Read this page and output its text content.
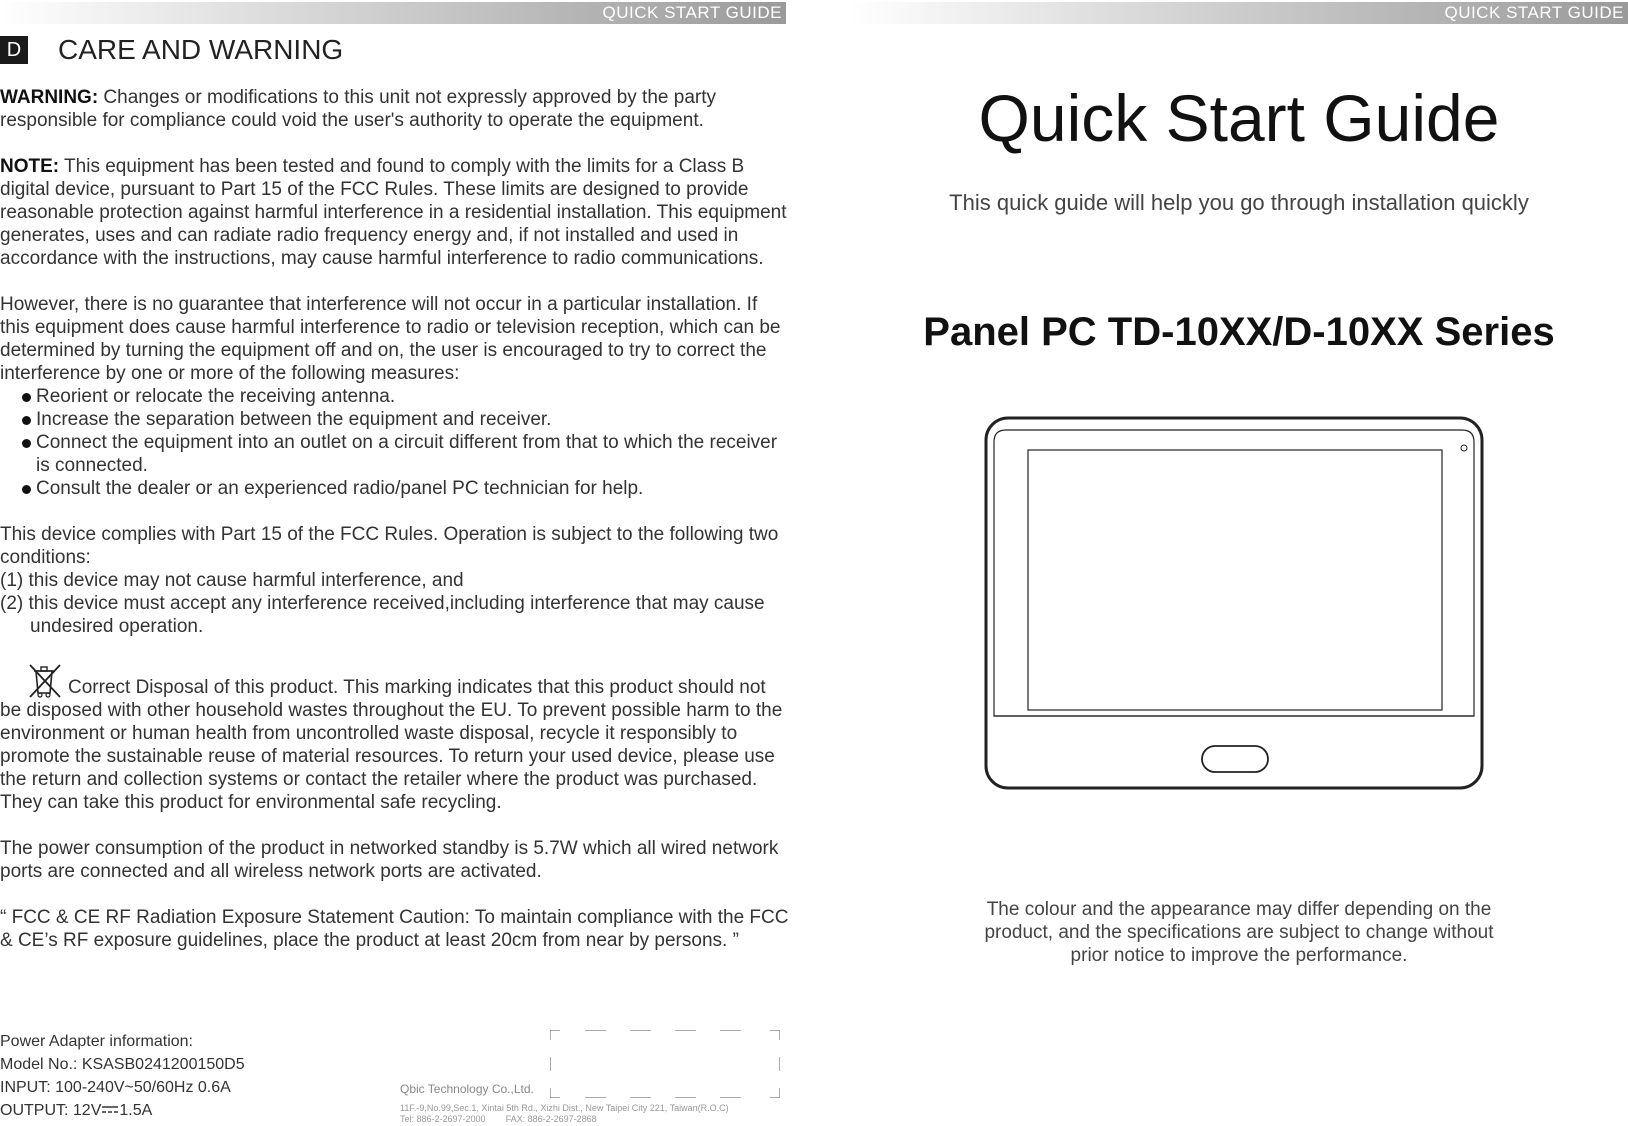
QUICK START GUIDE
D CARE AND WARNING

WARNING: Changes or modifications to this unit not expressly approved by the party responsible for compliance could void the user's authority to operate the equipment.

NOTE: This equipment has been tested and found to comply with the limits for a Class B digital device, pursuant to Part 15 of the FCC Rules. These limits are designed to provide reasonable protection against harmful interference in a residential installation. This equipment generates, uses and can radiate radio frequency energy and, if not installed and used in accordance with the instructions, may cause harmful interference to radio communications.

However, there is no guarantee that interference will not occur in a particular installation. If this equipment does cause harmful interference to radio or television reception, which can be determined by turning the equipment off and on, the user is encouraged to try to correct the interference by one or more of the following measures:

Reorient or relocate the receiving antenna.
Increase the separation between the equipment and receiver.
Connect the equipment into an outlet on a circuit different from that to which the receiver is connected.
Consult the dealer or an experienced radio/panel PC technician for help.

This device complies with Part 15 of the FCC Rules. Operation is subject to the following two conditions:

(1) this device may not cause harmful interference, and
(2) this device must accept any interference received,including interference that may cause undesired operation.

Correct Disposal of this product. This marking indicates that this product should not be disposed with other household wastes throughout the EU. To prevent possible harm to the environment or human health from uncontrolled waste disposal, recycle it responsibly to promote the sustainable reuse of material resources. To return your used device, please use the return and collection systems or contact the retailer where the product was purchased. They can take this product for environmental safe recycling.

The power consumption of the product in networked standby is 5.7W which all wired network ports are connected and all wireless network ports are activated.

“ FCC & CE RF Radiation Exposure Statement Caution: To maintain compliance with the FCC & CE’s RF exposure guidelines, place the product at least 20cm from near by persons. ”

Power Adapter information:
Model No.: KSASB0241200150D5
INPUT: 100-240V~50/60Hz 0.6A
OUTPUT: 12V 1.5A
Qbic Technology Co.,Ltd.
11F.-9,No.99,Sec.1, Xintai 5th Rd., Xizhi Dist., New Taipei City 221, Taiwan(R.O.C)
Tel: 886-2-2697-2000 FAX: 886-2-2697-2868
QUICK START GUIDE
Quick Start Guide
This quick guide will help you go through installation quickly
Panel PC TD-10XX/D-10XX Series
The colour and the appearance may differ depending on the
product, and the specifications are subject to change without
prior notice to improve the performance.
